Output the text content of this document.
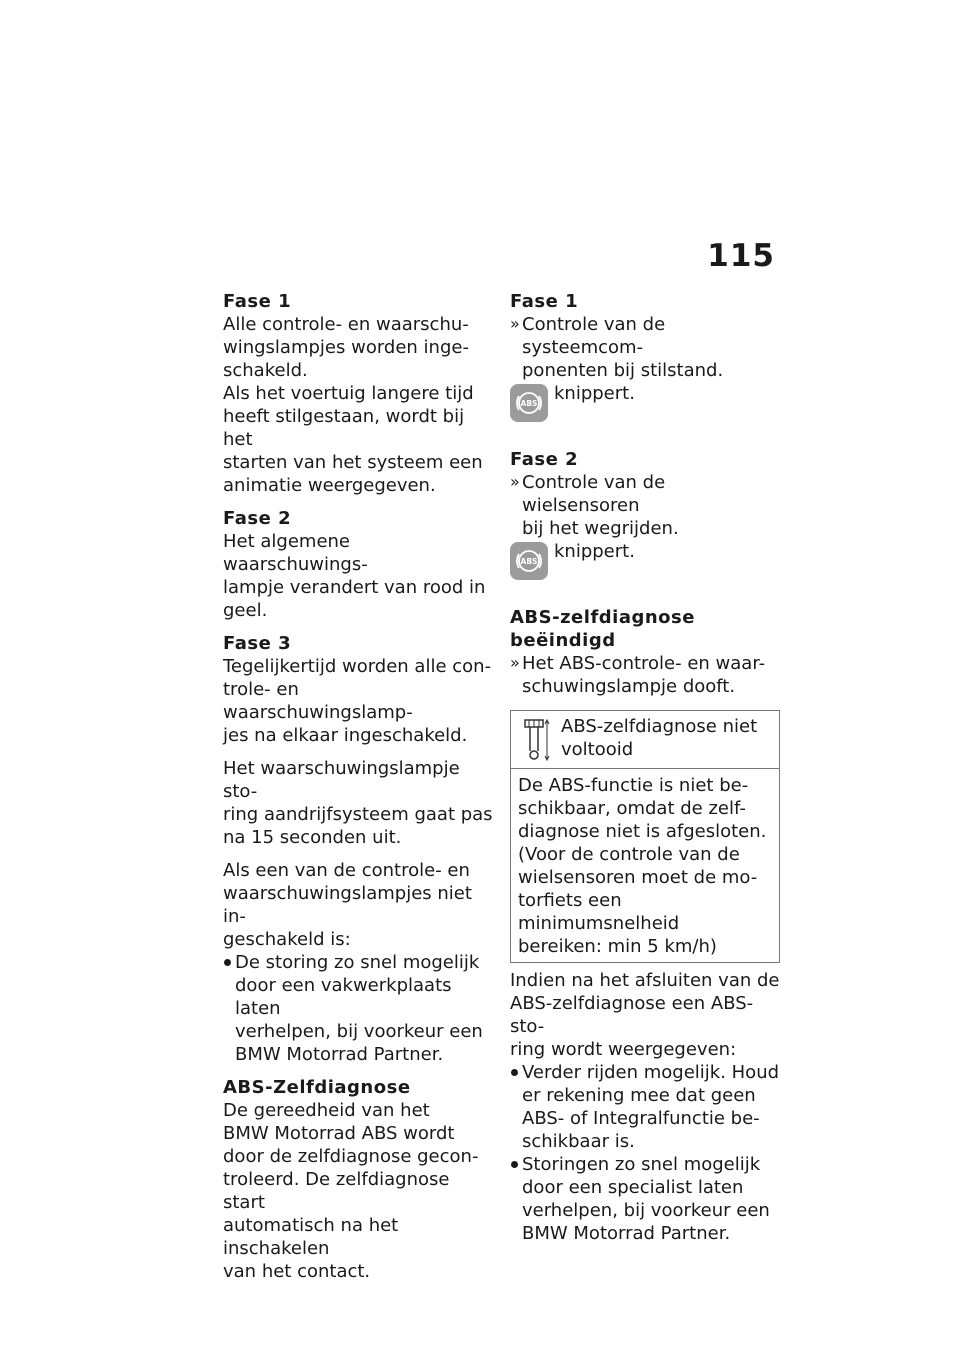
115

Fase 1

Alle controle- en waarschu-

wingslampjes worden inge-

schakeld.

Als het voertuig langere tijd

heeft stilgestaan, wordt bij het

starten van het systeem een

animatie weergegeven.

Fase 2

Het algemene waarschuwings-

lampje verandert van rood in

geel.

Fase 3

Tegelijkertijd worden alle con-

trole- en waarschuwingslamp-

jes na elkaar ingeschakeld.

Het waarschuwingslampje sto-

ring aandrijfsysteem gaat pas

na 15 seconden uit.

Als een van de controle- en

waarschuwingslampjes niet in-

geschakeld is:

De storing zo snel mogelijk

door een vakwerkplaats laten

verhelpen, bij voorkeur een

BMW Motorrad Partner.

ABS-Zelfdiagnose

De gereedheid van het

BMW Motorrad ABS wordt

door de zelfdiagnose gecon-

troleerd. De zelfdiagnose start

automatisch na het inschakelen

van het contact.

Fase 1

» Controle van de systeemcom-

ponenten bij stilstand.

ABS knippert.

Fase 2

» Controle van de wielsensoren

bij het wegrijden.

ABS knippert.

ABS-zelfdiagnose beëindigd

» Het ABS-controle- en waar-

schuwingslampje dooft.

ABS-zelfdiagnose niet

voltooid

De ABS-functie is niet be-

schikbaar, omdat de zelf-

diagnose niet is afgesloten.

(Voor de controle van de

wielsensoren moet de mo-

torfiets een minimumsnelheid

bereiken: min 5 km/h)

Indien na het afsluiten van de

ABS-zelfdiagnose een ABS-sto-

ring wordt weergegeven:

Verder rijden mogelijk. Houd

er rekening mee dat geen

ABS- of Integralfunctie be-

schikbaar is.

Storingen zo snel mogelijk

door een specialist laten

verhelpen, bij voorkeur een

BMW Motorrad Partner.
